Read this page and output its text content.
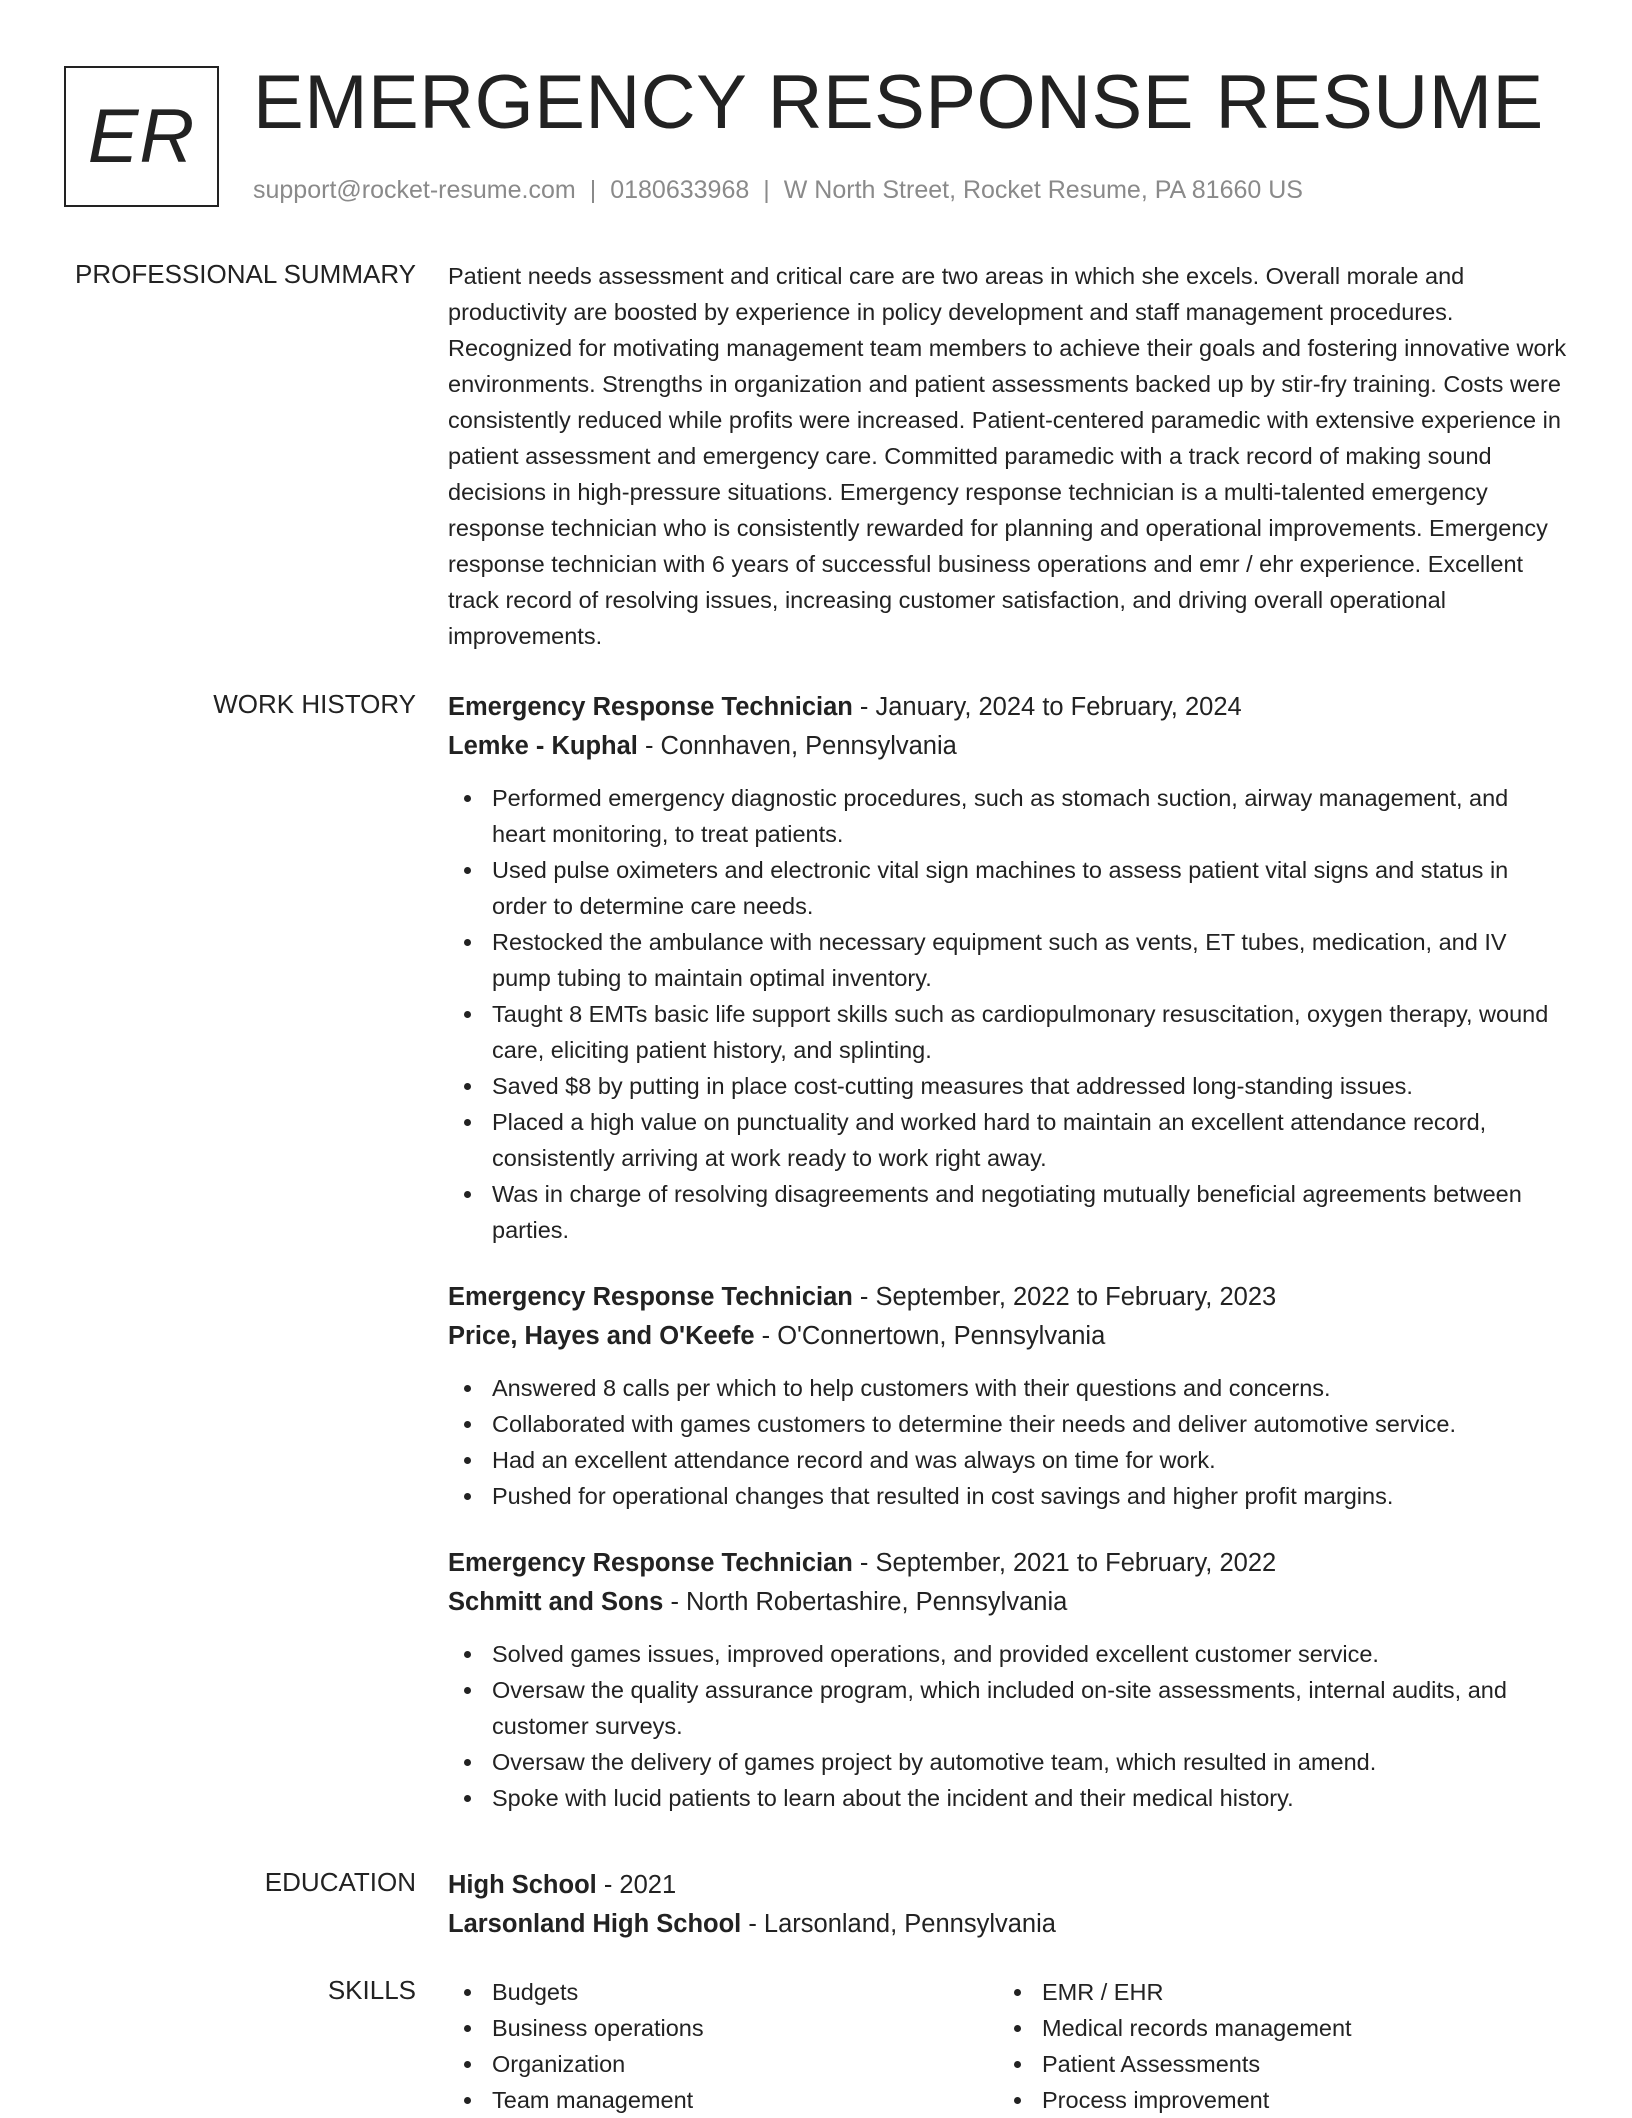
ER EMERGENCY RESPONSE RESUME
support@rocket-resume.com | 0180633968 | W North Street, Rocket Resume, PA 81660 US
PROFESSIONAL SUMMARY Patient needs assessment and critical care are two areas in which she excels. Overall morale and productivity are boosted by experience in policy development and staff management procedures. Recognized for motivating management team members to achieve their goals and fostering innovative work environments. Strengths in organization and patient assessments backed up by stir-fry training. Costs were consistently reduced while profits were increased. Patient-centered paramedic with extensive experience in patient assessment and emergency care. Committed paramedic with a track record of making sound decisions in high-pressure situations. Emergency response technician is a multi-talented emergency response technician who is consistently rewarded for planning and operational improvements. Emergency response technician with 6 years of successful business operations and emr / ehr experience. Excellent track record of resolving issues, increasing customer satisfaction, and driving overall operational improvements.

WORK HISTORY Emergency Response Technician - January, 2024 to February, 2024
Lemke - Kuphal - Connhaven, Pennsylvania
Performed emergency diagnostic procedures, such as stomach suction, airway management, and heart monitoring, to treat patients.
Used pulse oximeters and electronic vital sign machines to assess patient vital signs and status in order to determine care needs.
Restocked the ambulance with necessary equipment such as vents, ET tubes, medication, and IV pump tubing to maintain optimal inventory.
Taught 8 EMTs basic life support skills such as cardiopulmonary resuscitation, oxygen therapy, wound care, eliciting patient history, and splinting.
Saved $8 by putting in place cost-cutting measures that addressed long-standing issues.
Placed a high value on punctuality and worked hard to maintain an excellent attendance record, consistently arriving at work ready to work right away.
Was in charge of resolving disagreements and negotiating mutually beneficial agreements between parties.
Emergency Response Technician - September, 2022 to February, 2023
Price, Hayes and O'Keefe - O'Connertown, Pennsylvania
Answered 8 calls per which to help customers with their questions and concerns.
Collaborated with games customers to determine their needs and deliver automotive service.
Had an excellent attendance record and was always on time for work.
Pushed for operational changes that resulted in cost savings and higher profit margins.
Emergency Response Technician - September, 2021 to February, 2022
Schmitt and Sons - North Robertashire, Pennsylvania
Solved games issues, improved operations, and provided excellent customer service.
Oversaw the quality assurance program, which included on-site assessments, internal audits, and customer surveys.
Oversaw the delivery of games project by automotive team, which resulted in amend.
Spoke with lucid patients to learn about the incident and their medical history.
EDUCATION High School - 2021
Larsonland High School - Larsonland, Pennsylvania
SKILLS	Budgets
Business operations
Organization
Team management
EMR / EHR
Medical records management
Patient Assessments
Process improvement
